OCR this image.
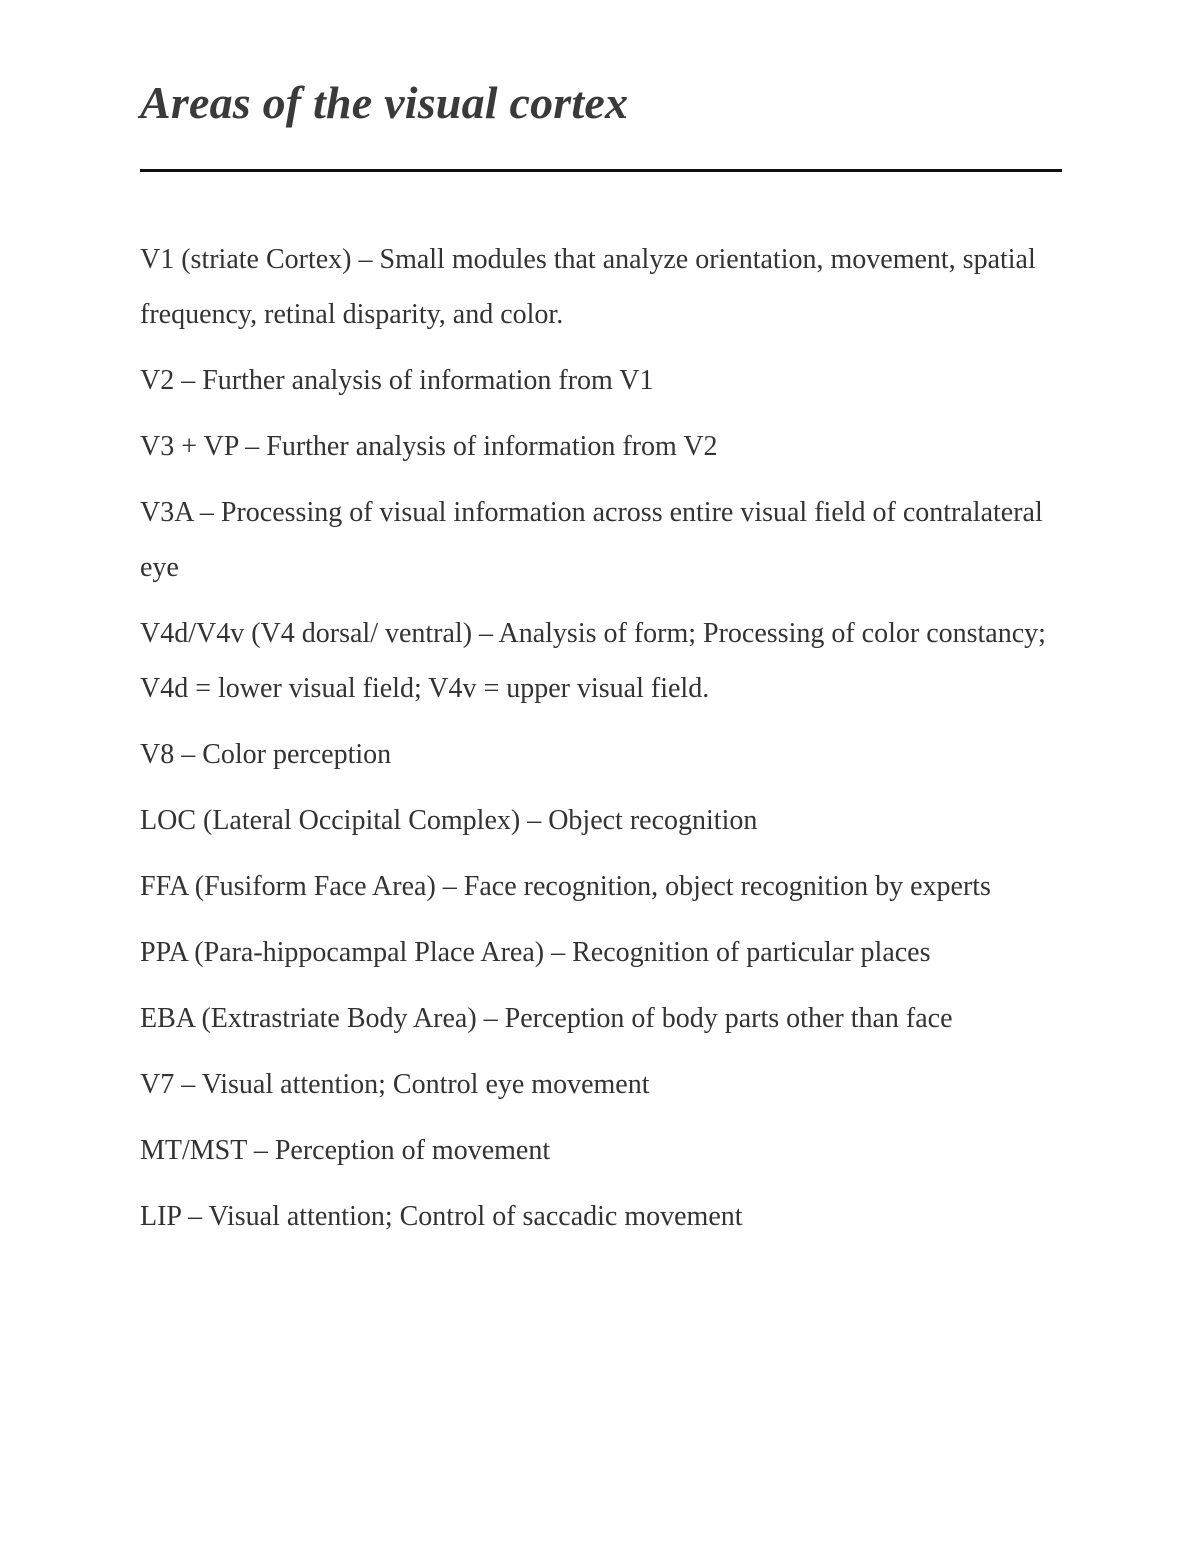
Areas of the visual cortex

V1 (striate Cortex) – Small modules that analyze orientation, movement, spatial frequency, retinal disparity, and color.

V2 – Further analysis of information from V1

V3 + VP – Further analysis of information from V2

V3A – Processing of visual information across entire visual field of contralateral eye

V4d/V4v (V4 dorsal/ ventral) – Analysis of form; Processing of color constancy; V4d = lower visual field; V4v = upper visual field.

V8 – Color perception

LOC (Lateral Occipital Complex) – Object recognition

FFA (Fusiform Face Area) – Face recognition, object recognition by experts

PPA (Para-hippocampal Place Area) – Recognition of particular places

EBA (Extrastriate Body Area) – Perception of body parts other than face

V7 – Visual attention; Control eye movement

MT/MST – Perception of movement

LIP – Visual attention; Control of saccadic movement
